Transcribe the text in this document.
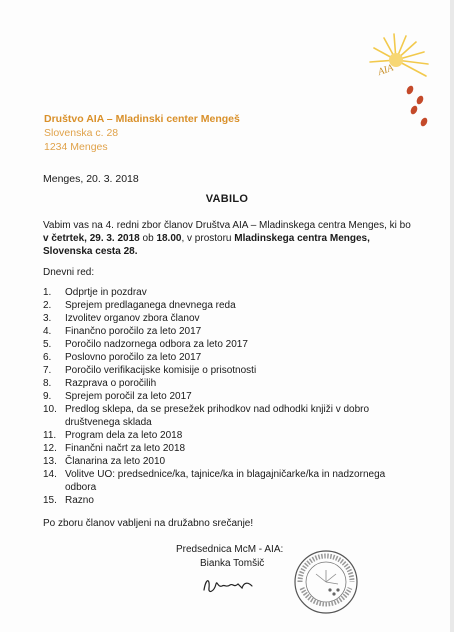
AIA
Društvo AIA – Mladinski center Mengeš
Slovenska c. 28
1234 Menges
Menges, 20. 3. 2018
VABILO
Vabim vas na 4. redni zbor članov Društva AIA – Mladinskega centra Menges, ki bo v četrtek, 29. 3. 2018 ob 18.00, v prostoru Mladinskega centra Menges, Slovenska cesta 28.
Dnevni red:
1.	Odprtje in pozdrav
2.	Sprejem predlaganega dnevnega reda
3.	Izvolitev organov zbora članov
4.	Finančno poročilo za leto 2017
5.	Poročilo nadzornega odbora za leto 2017
6.	Poslovno poročilo za leto 2017
7.	Poročilo verifikacijske komisije o prisotnosti
8.	Razprava o poročilih
9.	Sprejem poročil za leto 2017
10. Predlog sklepa, da se presežek prihodkov nad odhodki knjiži v dobro društvenega sklada
11. Program dela za leto 2018
12. Finančni načrt za leto 2018
13. Članarina za leto 2010
14. Volitve UO: predsednice/ka, tajnice/ka in blagajničarke/ka in nadzornega odbora
15. Razno
Po zboru članov vabljeni na družabno srečanje!
Predsednica McM - AIA:
Bianka Tomšič
